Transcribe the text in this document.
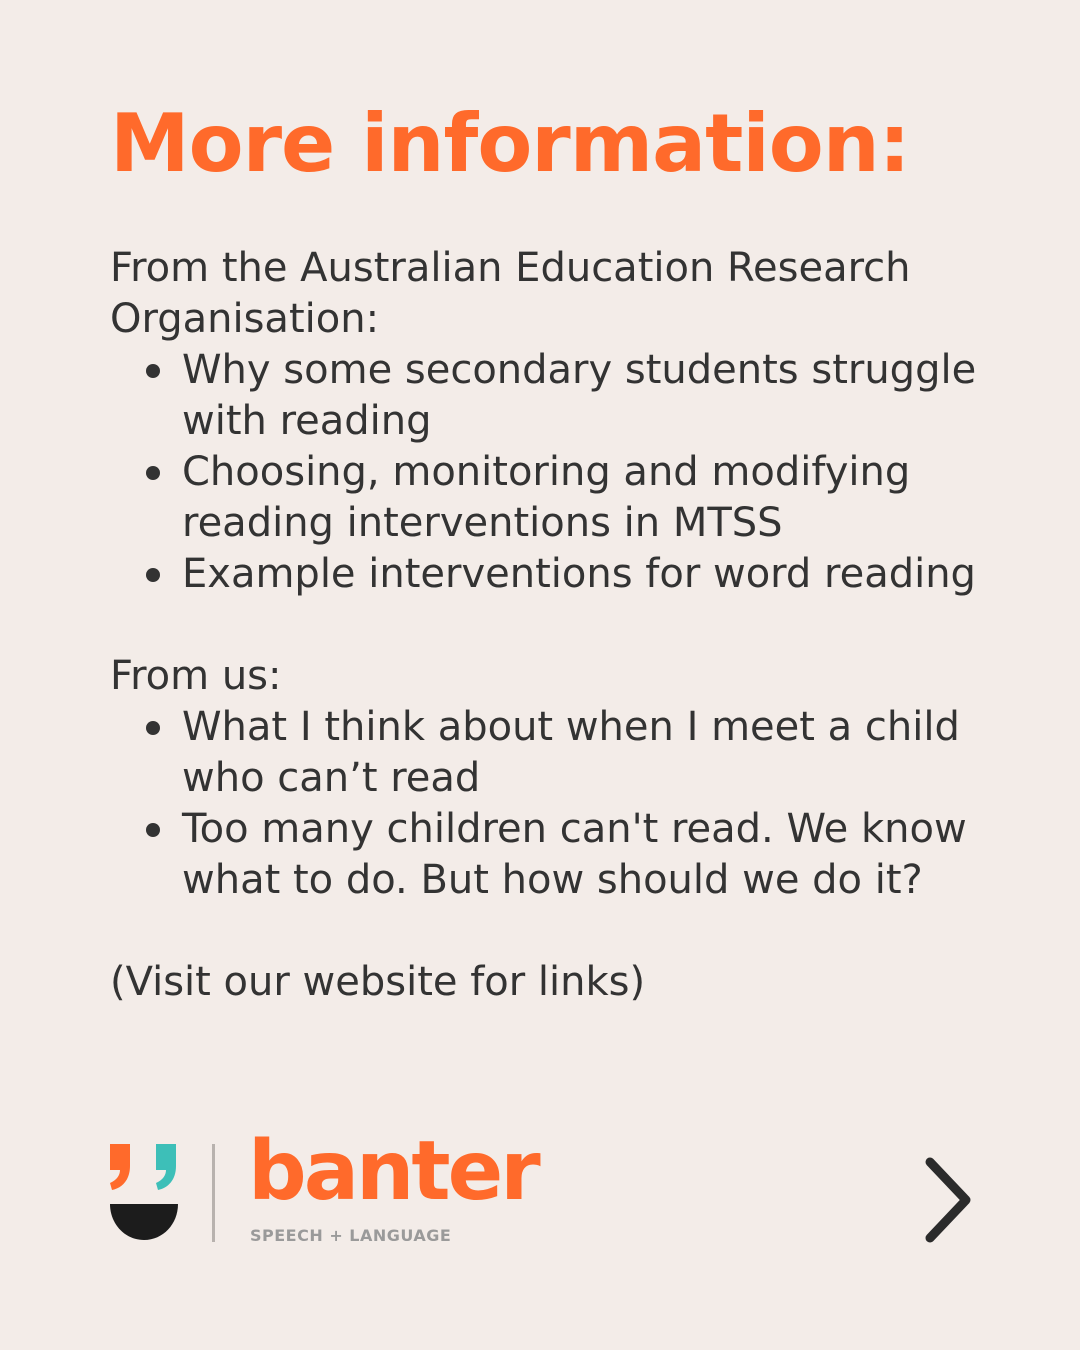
More information:

From the Australian Education Research Organisation:

Why some secondary students struggle with reading
Choosing, monitoring and modifying reading interventions in MTSS
Example interventions for word reading

From us:

What I think about when I meet a child who can’t read
Too many children can't read. We know what to do. But how should we do it?

(Visit our website for links)

banter
SPEECH + LANGUAGE
